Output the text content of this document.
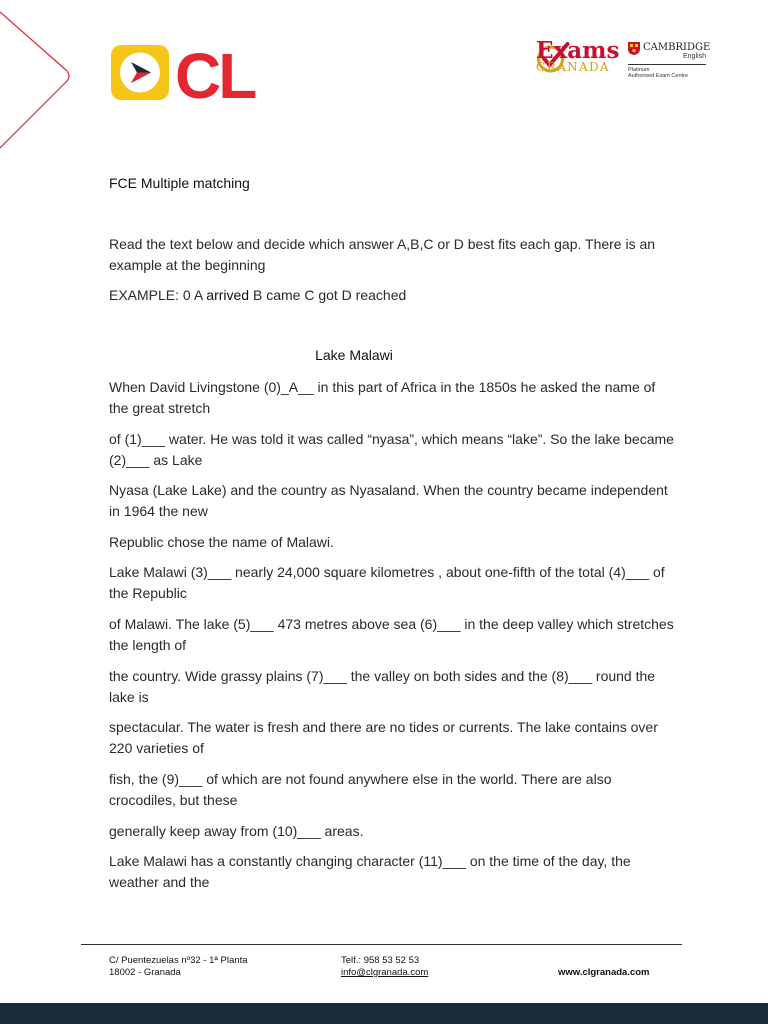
CL	Exams
GRANADA
CAMBRIDGE
English
Platinum
Authorised Exam Centre
FCE Multiple matching

Read the text below and decide which answer A,B,C or D best fits each gap. There is an example at the beginning

EXAMPLE: 0 A arrived B came C got D reached

Lake Malawi

When David Livingstone (0)_A__ in this part of Africa in the 1850s he asked the name of the great stretch

of (1)___ water. He was told it was called “nyasa”, which means “lake”. So the lake became (2)___ as Lake

Nyasa (Lake Lake) and the country as Nyasaland. When the country became independent in 1964 the new

Republic chose the name of Malawi.

Lake Malawi (3)___ nearly 24,000 square kilometres , about one-fifth of the total (4)___ of the Republic

of Malawi. The lake (5)___ 473 metres above sea (6)___ in the deep valley which stretches the length of

the country. Wide grassy plains (7)___ the valley on both sides and the (8)___ round the lake is

spectacular. The water is fresh and there are no tides or currents. The lake contains over 220 varieties of

fish, the (9)___ of which are not found anywhere else in the world. There are also crocodiles, but these

generally keep away from (10)___ areas.

Lake Malawi has a constantly changing character (11)___ on the time of the day, the weather and the

C/ Puentezuelas nº32 - 1ª Planta
18002 - Granada
Telf.: 958 53 52 53
info@clgranada.com	www.clgranada.com
